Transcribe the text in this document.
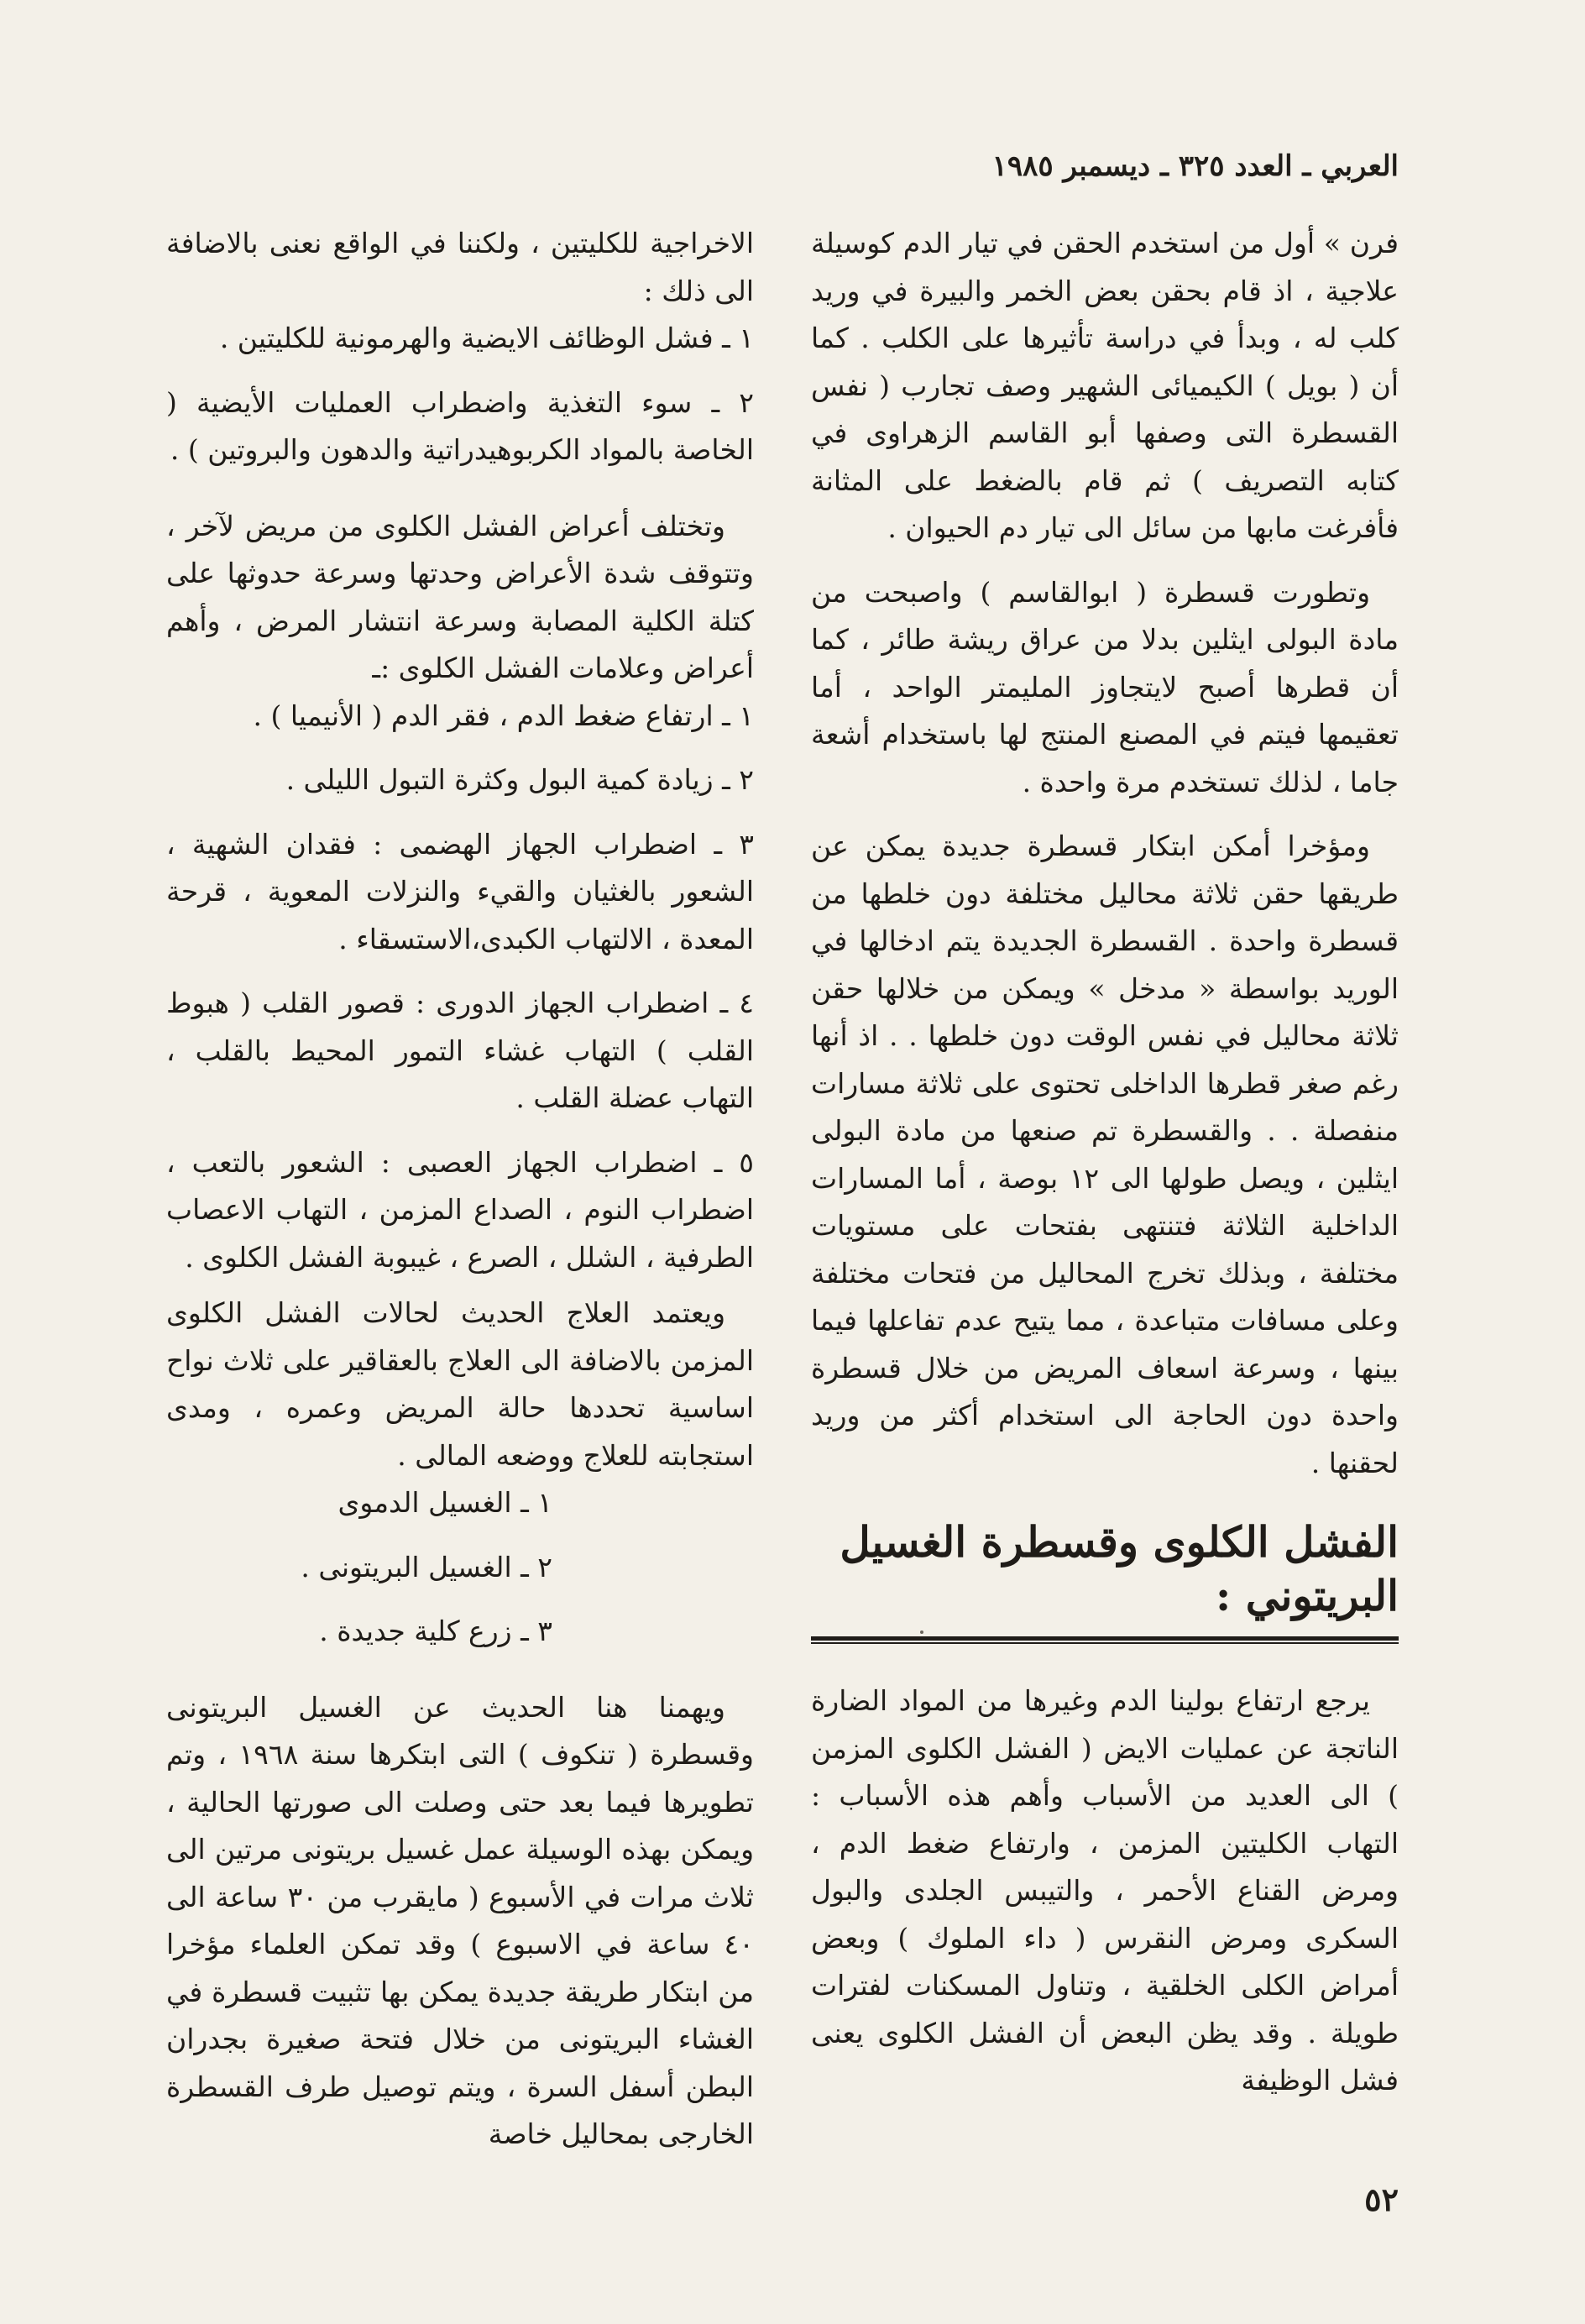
العربي ـ العدد ٣٢٥ ـ ديسمبر ١٩٨٥

فرن » أول من استخدم الحقن في تيار الدم كوسيلة علاجية ، اذ قام بحقن بعض الخمر والبيرة في وريد كلب له ، وبدأ في دراسة تأثيرها على الكلب . كما أن ( بويل ) الكيميائى الشهير وصف تجارب ( نفس القسطرة التى وصفها أبو القاسم الزهراوى في كتابه التصريف ) ثم قام بالضغط على المثانة فأفرغت مابها من سائل الى تيار دم الحيوان .

وتطورت قسطرة ( ابوالقاسم ) واصبحت من مادة البولى ايثلين بدلا من عراق ريشة طائر ، كما أن قطرها أصبح لايتجاوز المليمتر الواحد ، أما تعقيمها فيتم في المصنع المنتج لها باستخدام أشعة جاما ، لذلك تستخدم مرة واحدة .

ومؤخرا أمكن ابتكار قسطرة جديدة يمكن عن طريقها حقن ثلاثة محاليل مختلفة دون خلطها من قسطرة واحدة . القسطرة الجديدة يتم ادخالها في الوريد بواسطة « مدخل » ويمكن من خلالها حقن ثلاثة محاليل في نفس الوقت دون خلطها . . اذ أنها رغم صغر قطرها الداخلى تحتوى على ثلاثة مسارات منفصلة . . والقسطرة تم صنعها من مادة البولى ايثلين ، ويصل طولها الى ١٢ بوصة ، أما المسارات الداخلية الثلاثة فتنتهى بفتحات على مستويات مختلفة ، وبذلك تخرج المحاليل من فتحات مختلفة وعلى مسافات متباعدة ، مما يتيح عدم تفاعلها فيما بينها ، وسرعة اسعاف المريض من خلال قسطرة واحدة دون الحاجة الى استخدام أكثر من وريد لحقنها .

الفشل الكلوى وقسطرة الغسيل البريتوني :

يرجع ارتفاع بولينا الدم وغيرها من المواد الضارة الناتجة عن عمليات الايض ( الفشل الكلوى المزمن ) الى العديد من الأسباب وأهم هذه الأسباب : التهاب الكليتين المزمن ، وارتفاع ضغط الدم ، ومرض القناع الأحمر ، والتيبس الجلدى والبول السكرى ومرض النقرس ( داء الملوك ) وبعض أمراض الكلى الخلقية ، وتناول المسكنات لفترات طويلة . وقد يظن البعض أن الفشل الكلوى يعنى فشل الوظيفة

الاخراجية للكليتين ، ولكننا في الواقع نعنى بالاضافة الى ذلك :

١ ـ فشل الوظائف الايضية والهرمونية للكليتين .

٢ ـ سوء التغذية واضطراب العمليات الأيضية ( الخاصة بالمواد الكربوهيدراتية والدهون والبروتين ) .

وتختلف أعراض الفشل الكلوى من مريض لآخر ، وتتوقف شدة الأعراض وحدتها وسرعة حدوثها على كتلة الكلية المصابة وسرعة انتشار المرض ، وأهم أعراض وعلامات الفشل الكلوى :ـ

١ ـ ارتفاع ضغط الدم ، فقر الدم ( الأنيميا ) .

٢ ـ زيادة كمية البول وكثرة التبول الليلى .

٣ ـ اضطراب الجهاز الهضمى : فقدان الشهية ، الشعور بالغثيان والقيء والنزلات المعوية ، قرحة المعدة ، الالتهاب الكبدى،الاستسقاء .

٤ ـ اضطراب الجهاز الدورى : قصور القلب ( هبوط القلب ) التهاب غشاء التمور المحيط بالقلب ، التهاب عضلة القلب .

٥ ـ اضطراب الجهاز العصبى : الشعور بالتعب ، اضطراب النوم ، الصداع المزمن ، التهاب الاعصاب الطرفية ، الشلل ، الصرع ، غيبوبة الفشل الكلوى .

ويعتمد العلاج الحديث لحالات الفشل الكلوى المزمن بالاضافة الى العلاج بالعقاقير على ثلاث نواح اساسية تحددها حالة المريض وعمره ، ومدى استجابته للعلاج ووضعه المالى .

١ ـ الغسيل الدموى

٢ ـ الغسيل البريتونى .

٣ ـ زرع كلية جديدة .

ويهمنا هنا الحديث عن الغسيل البريتونى وقسطرة ( تنكوف ) التى ابتكرها سنة ١٩٦٨ ، وتم تطويرها فيما بعد حتى وصلت الى صورتها الحالية ، ويمكن بهذه الوسيلة عمل غسيل بريتونى مرتين الى ثلاث مرات في الأسبوع ( مايقرب من ٣٠ ساعة الى ٤٠ ساعة في الاسبوع ) وقد تمكن العلماء مؤخرا من ابتكار طريقة جديدة يمكن بها تثبيت قسطرة في الغشاء البريتونى من خلال فتحة صغيرة بجدران البطن أسفل السرة ، ويتم توصيل طرف القسطرة الخارجى بمحاليل خاصة

٥٢
